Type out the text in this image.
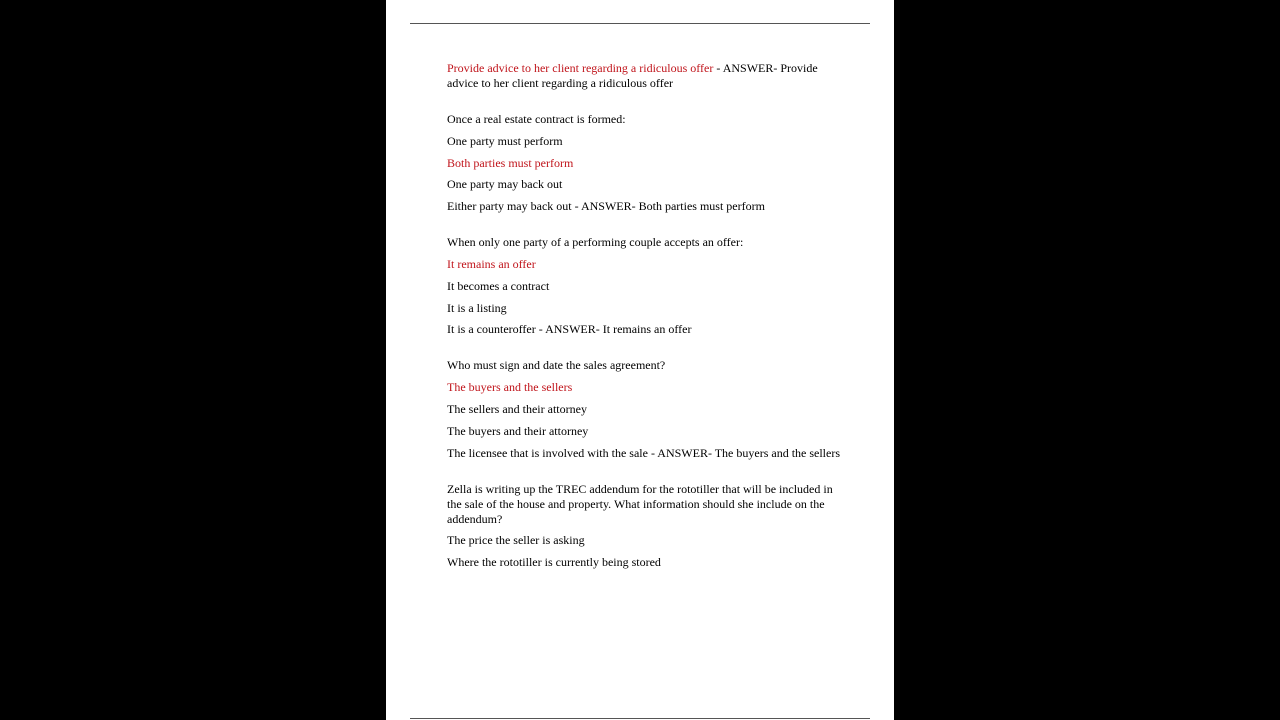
Provide advice to her client regarding a ridiculous offer - ANSWER- Provide advice to her client regarding a ridiculous offer
Once a real estate contract is formed:
One party must perform
Both parties must perform
One party may back out
Either party may back out - ANSWER- Both parties must perform
When only one party of a performing couple accepts an offer:
It remains an offer
It becomes a contract
It is a listing
It is a counteroffer - ANSWER- It remains an offer
Who must sign and date the sales agreement?
The buyers and the sellers
The sellers and their attorney
The buyers and their attorney
The licensee that is involved with the sale - ANSWER- The buyers and the sellers
Zella is writing up the TREC addendum for the rototiller that will be included in the sale of the house and property. What information should she include on the addendum?
The price the seller is asking
Where the rototiller is currently being stored
